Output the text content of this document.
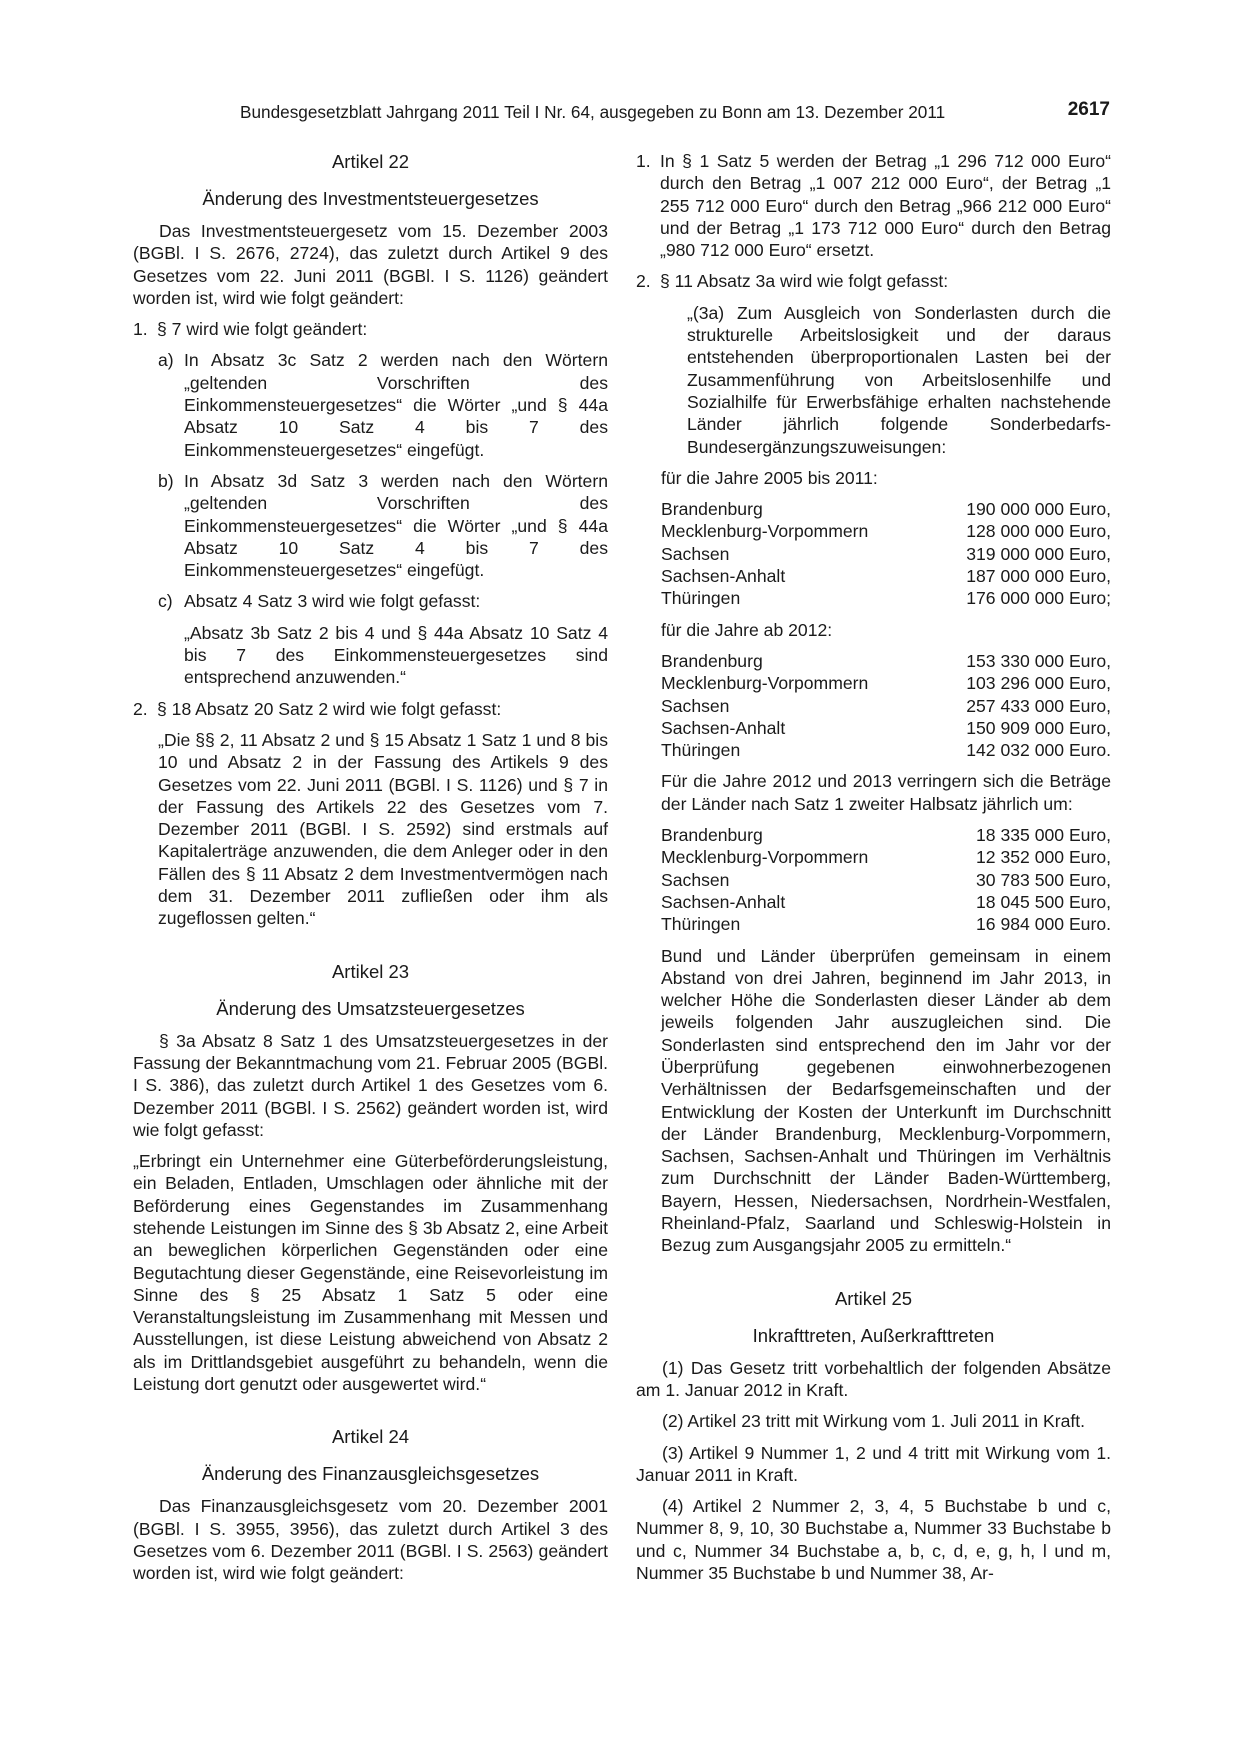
Bundesgesetzblatt Jahrgang 2011 Teil I Nr. 64, ausgegeben zu Bonn am 13. Dezember 2011	2617

Artikel 22

Änderung des Investmentsteuergesetzes

Das Investmentsteuergesetz vom 15. Dezember 2003 (BGBl. I S. 2676, 2724), das zuletzt durch Artikel 9 des Gesetzes vom 22. Juni 2011 (BGBl. I S. 1126) geändert worden ist, wird wie folgt geändert:

1. § 7 wird wie folgt geändert:

a) In Absatz 3c Satz 2 werden nach den Wörtern „geltenden Vorschriften des Einkommensteuergesetzes“ die Wörter „und § 44a Absatz 10 Satz 4 bis 7 des Einkommensteuergesetzes“ eingefügt.

b) In Absatz 3d Satz 3 werden nach den Wörtern „geltenden Vorschriften des Einkommensteuergesetzes“ die Wörter „und § 44a Absatz 10 Satz 4 bis 7 des Einkommensteuergesetzes“ eingefügt.

c) Absatz 4 Satz 3 wird wie folgt gefasst:

„Absatz 3b Satz 2 bis 4 und § 44a Absatz 10 Satz 4 bis 7 des Einkommensteuergesetzes sind entsprechend anzuwenden.“

2. § 18 Absatz 20 Satz 2 wird wie folgt gefasst:

„Die §§ 2, 11 Absatz 2 und § 15 Absatz 1 Satz 1 und 8 bis 10 und Absatz 2 in der Fassung des Artikels 9 des Gesetzes vom 22. Juni 2011 (BGBl. I S. 1126) und § 7 in der Fassung des Artikels 22 des Gesetzes vom 7. Dezember 2011 (BGBl. I S. 2592) sind erstmals auf Kapitalerträge anzuwenden, die dem Anleger oder in den Fällen des § 11 Absatz 2 dem Investmentvermögen nach dem 31. Dezember 2011 zufließen oder ihm als zugeflossen gelten.“

Artikel 23

Änderung des Umsatzsteuergesetzes

§ 3a Absatz 8 Satz 1 des Umsatzsteuergesetzes in der Fassung der Bekanntmachung vom 21. Februar 2005 (BGBl. I S. 386), das zuletzt durch Artikel 1 des Gesetzes vom 6. Dezember 2011 (BGBl. I S. 2562) geändert worden ist, wird wie folgt gefasst:

„Erbringt ein Unternehmer eine Güterbeförderungsleistung, ein Beladen, Entladen, Umschlagen oder ähnliche mit der Beförderung eines Gegenstandes im Zusammenhang stehende Leistungen im Sinne des § 3b Absatz 2, eine Arbeit an beweglichen körperlichen Gegenständen oder eine Begutachtung dieser Gegenstände, eine Reisevorleistung im Sinne des § 25 Absatz 1 Satz 5 oder eine Veranstaltungsleistung im Zusammenhang mit Messen und Ausstellungen, ist diese Leistung abweichend von Absatz 2 als im Drittlandsgebiet ausgeführt zu behandeln, wenn die Leistung dort genutzt oder ausgewertet wird.“

Artikel 24

Änderung des Finanzausgleichsgesetzes

Das Finanzausgleichsgesetz vom 20. Dezember 2001 (BGBl. I S. 3955, 3956), das zuletzt durch Artikel 3 des Gesetzes vom 6. Dezember 2011 (BGBl. I S. 2563) geändert worden ist, wird wie folgt geändert:

1. In § 1 Satz 5 werden der Betrag „1 296 712 000 Euro“ durch den Betrag „1 007 212 000 Euro“, der Betrag „1 255 712 000 Euro“ durch den Betrag „966 212 000 Euro“ und der Betrag „1 173 712 000 Euro“ durch den Betrag „980 712 000 Euro“ ersetzt.

2. § 11 Absatz 3a wird wie folgt gefasst:

„(3a) Zum Ausgleich von Sonderlasten durch die strukturelle Arbeitslosigkeit und der daraus entstehenden überproportionalen Lasten bei der Zusammenführung von Arbeitslosenhilfe und Sozialhilfe für Erwerbsfähige erhalten nachstehende Länder jährlich folgende Sonderbedarfs-Bundesergänzungszuweisungen:

für die Jahre 2005 bis 2011:

Brandenburg	190 000 000 Euro,
Mecklenburg-Vorpommern	128 000 000 Euro,
Sachsen	319 000 000 Euro,
Sachsen-Anhalt	187 000 000 Euro,
Thüringen	176 000 000 Euro;

für die Jahre ab 2012:

Brandenburg	153 330 000 Euro,
Mecklenburg-Vorpommern	103 296 000 Euro,
Sachsen	257 433 000 Euro,
Sachsen-Anhalt	150 909 000 Euro,
Thüringen	142 032 000 Euro.

Für die Jahre 2012 und 2013 verringern sich die Beträge der Länder nach Satz 1 zweiter Halbsatz jährlich um:

Brandenburg	18 335 000 Euro,
Mecklenburg-Vorpommern	12 352 000 Euro,
Sachsen	30 783 500 Euro,
Sachsen-Anhalt	18 045 500 Euro,
Thüringen	16 984 000 Euro.

Bund und Länder überprüfen gemeinsam in einem Abstand von drei Jahren, beginnend im Jahr 2013, in welcher Höhe die Sonderlasten dieser Länder ab dem jeweils folgenden Jahr auszugleichen sind. Die Sonderlasten sind entsprechend den im Jahr vor der Überprüfung gegebenen einwohnerbezogenen Verhältnissen der Bedarfsgemeinschaften und der Entwicklung der Kosten der Unterkunft im Durchschnitt der Länder Brandenburg, Mecklenburg-Vorpommern, Sachsen, Sachsen-Anhalt und Thüringen im Verhältnis zum Durchschnitt der Länder Baden-Württemberg, Bayern, Hessen, Niedersachsen, Nordrhein-Westfalen, Rheinland-Pfalz, Saarland und Schleswig-Holstein in Bezug zum Ausgangsjahr 2005 zu ermitteln.“

Artikel 25

Inkrafttreten, Außerkrafttreten

(1) Das Gesetz tritt vorbehaltlich der folgenden Absätze am 1. Januar 2012 in Kraft.

(2) Artikel 23 tritt mit Wirkung vom 1. Juli 2011 in Kraft.

(3) Artikel 9 Nummer 1, 2 und 4 tritt mit Wirkung vom 1. Januar 2011 in Kraft.

(4) Artikel 2 Nummer 2, 3, 4, 5 Buchstabe b und c, Nummer 8, 9, 10, 30 Buchstabe a, Nummer 33 Buchstabe b und c, Nummer 34 Buchstabe a, b, c, d, e, g, h, l und m, Nummer 35 Buchstabe b und Nummer 38, Ar-
